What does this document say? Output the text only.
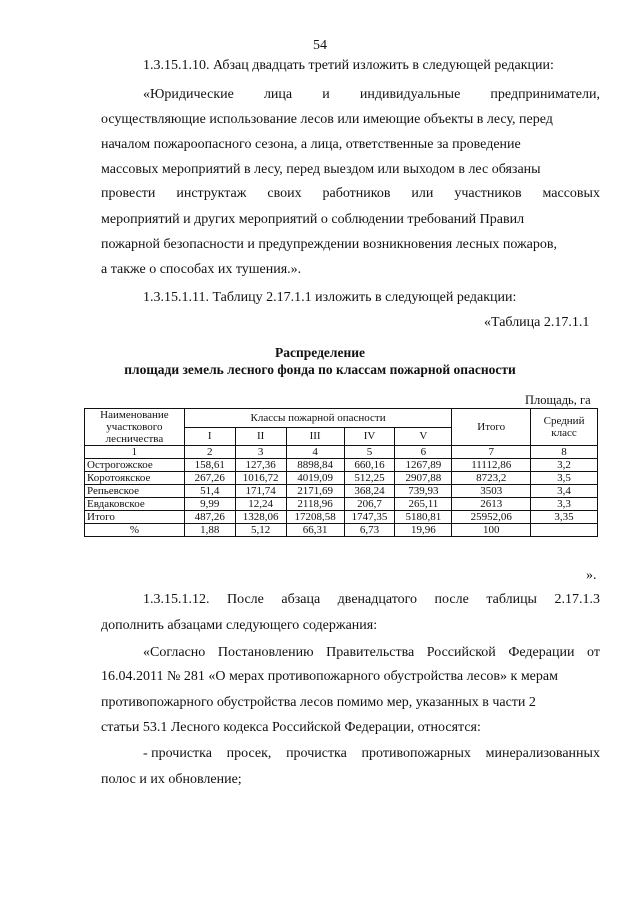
54
1.3.15.1.10. Абзац двадцать третий изложить в следующей редакции:
«Юридические лица и индивидуальные предприниматели,
осуществляющие использование лесов или имеющие объекты в лесу, перед
началом пожароопасного сезона, а лица, ответственные за проведение
массовых мероприятий в лесу, перед выездом или выходом в лес обязаны
провести инструктаж своих работников или участников массовых
мероприятий и других мероприятий о соблюдении требований Правил
пожарной безопасности и предупреждении возникновения лесных пожаров,
а также о способах их тушения.».
1.3.15.1.11. Таблицу 2.17.1.1 изложить в следующей редакции:
«Таблица 2.17.1.1
Распределение
площади земель лесного фонда по классам пожарной опасности
Площадь, га
Наименование участкового лесничества	Классы пожарной опасности					Итого	Средний класс
	I	II	III	IV	V		
1	2	3	4	5	6	7	8
Острогожское	158,61	127,36	8898,84	660,16	1267,89	11112,86	3,2
Коротоякское	267,26	1016,72	4019,09	512,25	2907,88	8723,2	3,5
Репьевское	51,4	171,74	2171,69	368,24	739,93	3503	3,4
Евдаковское	9,99	12,24	2118,96	206,7	265,11	2613	3,3
Итого	487,26	1328,06	17208,58	1747,35	5180,81	25952,06	3,35
%	1,88	5,12	66,31	6,73	19,96	100	
».
1.3.15.1.12. После абзаца двенадцатого после таблицы 2.17.1.3
дополнить абзацами следующего содержания:
«Согласно Постановлению Правительства Российской Федерации от
16.04.2011 № 281 «О мерах противопожарного обустройства лесов» к мерам
противопожарного обустройства лесов помимо мер, указанных в части 2
статьи 53.1 Лесного кодекса Российской Федерации, относятся:
- прочистка просек, прочистка противопожарных минерализованных
полос и их обновление;
